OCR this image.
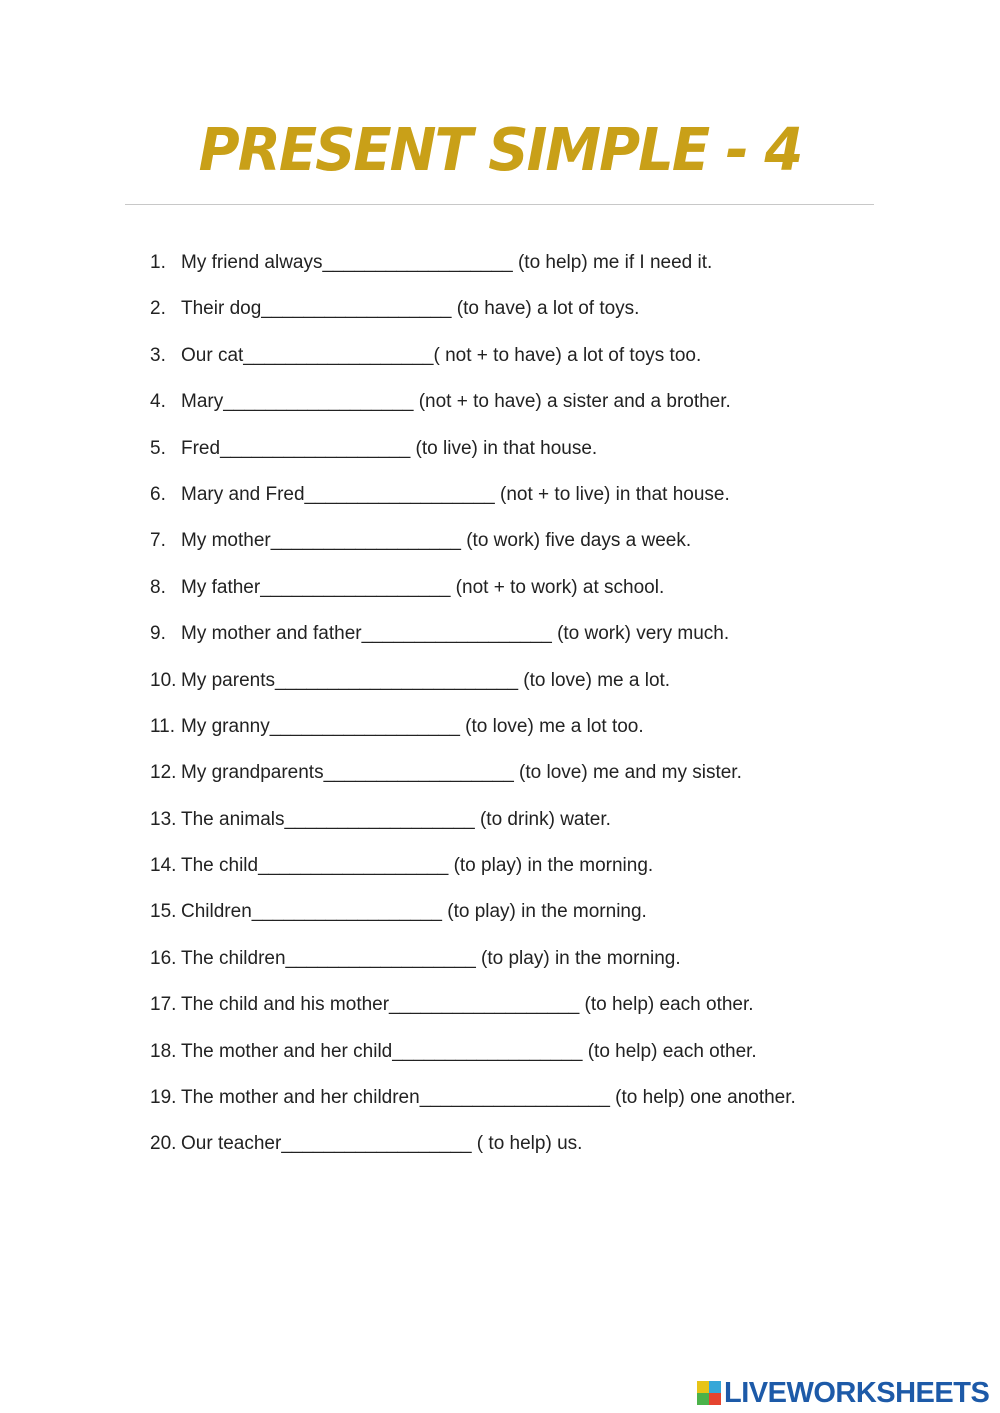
PRESENT SIMPLE - 4
1. My friend always__________________ (to help) me if I need it.
2. Their dog__________________ (to have) a lot of toys.
3. Our cat__________________( not + to have) a lot of toys too.
4. Mary__________________ (not + to have) a sister and a brother.
5. Fred__________________ (to live) in that house.
6. Mary and Fred__________________ (not + to live) in that house.
7. My mother__________________ (to work) five days a week.
8. My father__________________ (not + to work) at school.
9. My mother and father__________________ (to work) very much.
10. My parents_______________________ (to love) me a lot.
11. My granny__________________ (to love) me a lot too.
12. My grandparents__________________ (to love) me and my sister.
13. The animals__________________ (to drink) water.
14. The child__________________ (to play) in the morning.
15. Children__________________ (to play) in the morning.
16. The children__________________ (to play) in the morning.
17. The child and his mother__________________ (to help) each other.
18. The mother and her child__________________ (to help) each other.
19. The mother and her children__________________ (to help) one another.
20. Our teacher__________________ ( to help) us.
LIVEWORKSHEETS
